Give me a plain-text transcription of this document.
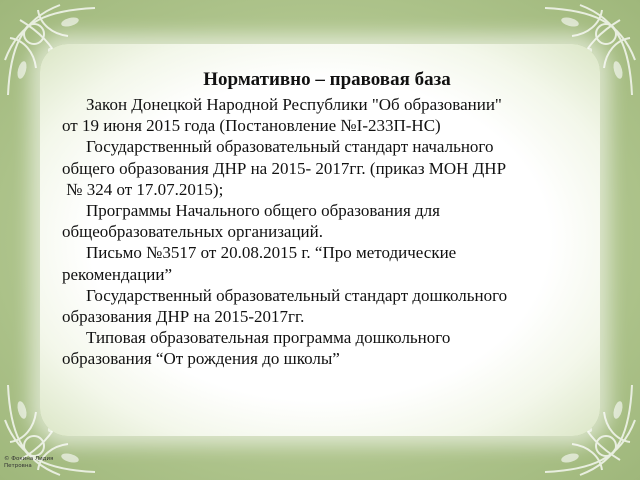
Нормативно – правовая база

Закон Донецкой Народной Республики "Об образовании"
от 19 июня 2015 года (Постановление №I-233П-НС)

Государственный образовательный стандарт начального
общего образования ДНР на 2015- 2017гг. (приказ МОН ДНР
№ 324 от 17.07.2015);

Программы Начального общего образования для
общеобразовательных организаций.

Письмо №3517 от 20.08.2015 г. “Про методические
рекомендации”

Государственный образовательный стандарт дошкольного
образования ДНР на 2015-2017гг.

Типовая образовательная программа дошкольного
образования “От рождения до школы”

© Фокина Лидия
Петровна
